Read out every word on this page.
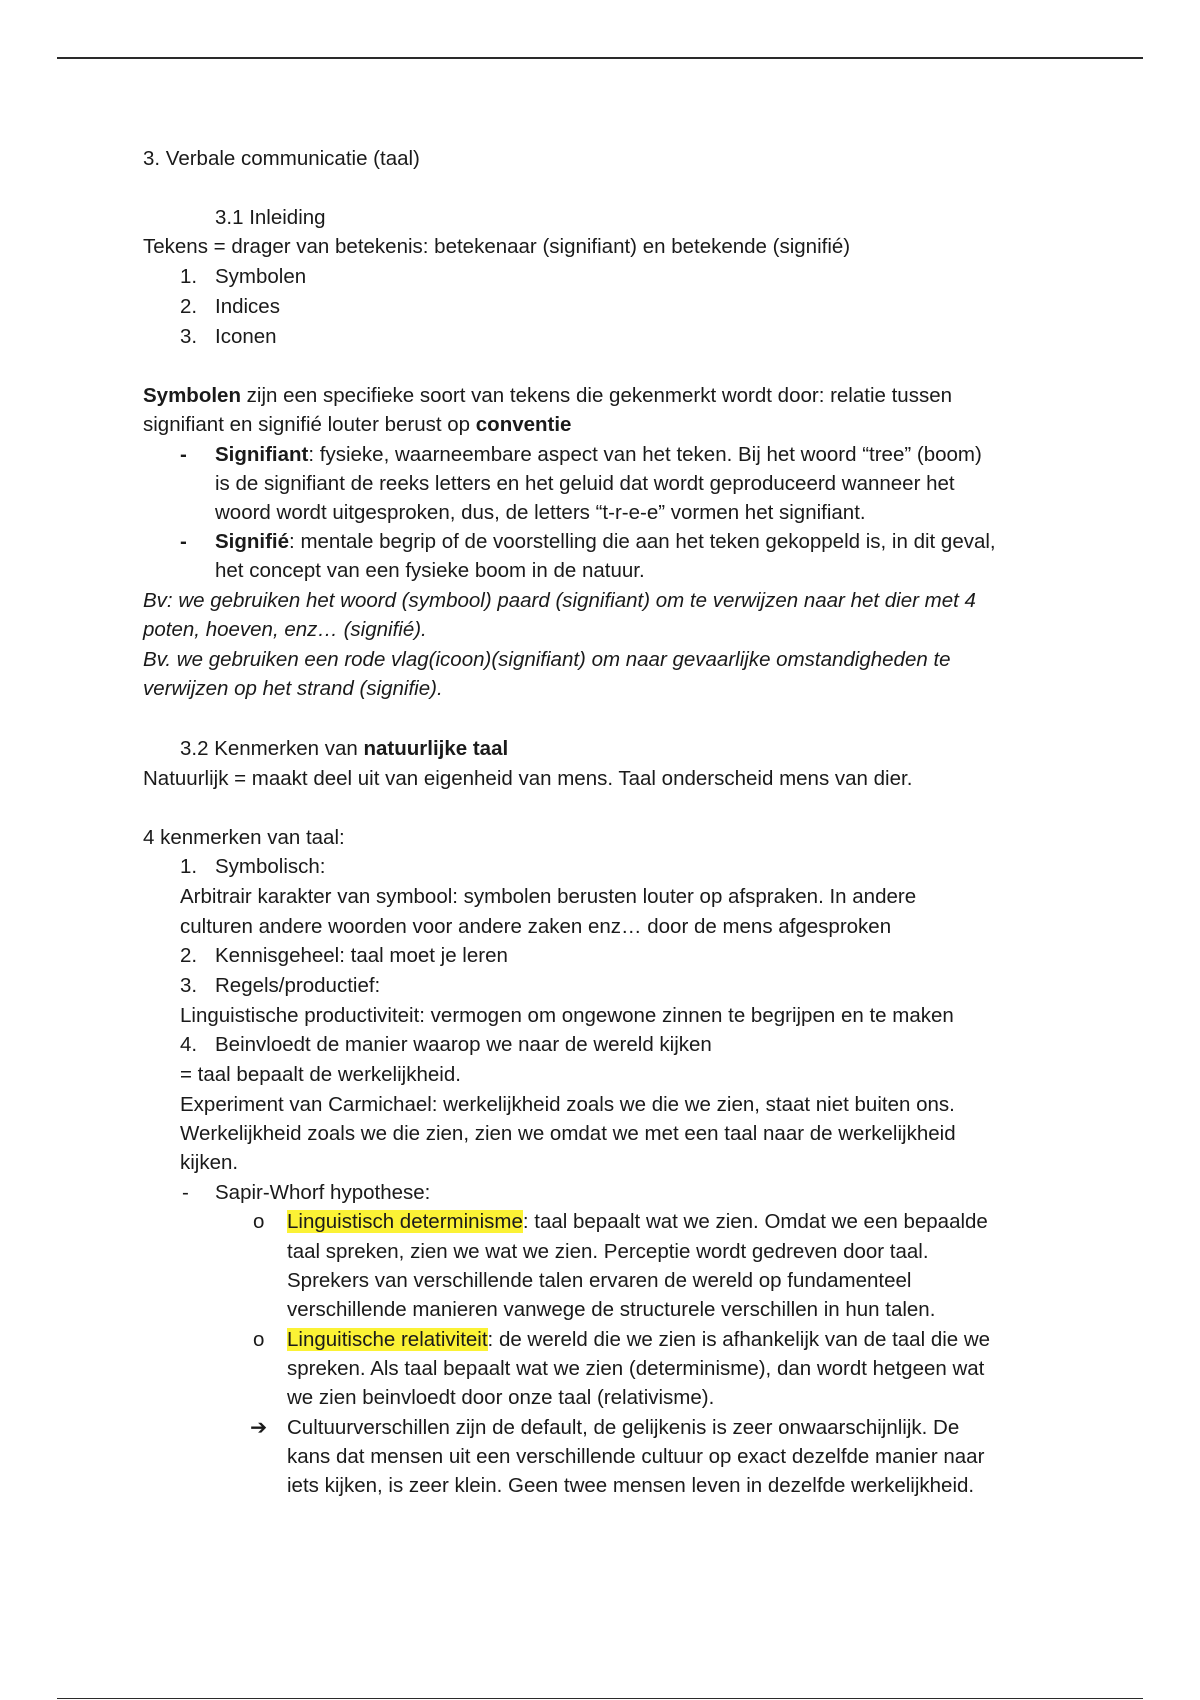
3. Verbale communicatie (taal)
3.1 Inleiding
Tekens = drager van betekenis: betekenaar (signifiant) en betekende (signifié)
1. Symbolen
2. Indices
3. Iconen
Symbolen zijn een specifieke soort van tekens die gekenmerkt wordt door: relatie tussen
signifiant en signifié louter berust op conventie
- Signifiant: fysieke, waarneembare aspect van het teken. Bij het woord “tree” (boom)
is de signifiant de reeks letters en het geluid dat wordt geproduceerd wanneer het
woord wordt uitgesproken, dus, de letters “t-r-e-e” vormen het signifiant.
- Signifié: mentale begrip of de voorstelling die aan het teken gekoppeld is, in dit geval,
het concept van een fysieke boom in de natuur.
Bv: we gebruiken het woord (symbool) paard (signifiant) om te verwijzen naar het dier met 4
poten, hoeven, enz… (signifié).
Bv. we gebruiken een rode vlag(icoon)(signifiant) om naar gevaarlijke omstandigheden te
verwijzen op het strand (signifie).
3.2 Kenmerken van natuurlijke taal
Natuurlijk = maakt deel uit van eigenheid van mens. Taal onderscheid mens van dier.
4 kenmerken van taal:
1. Symbolisch:
Arbitrair karakter van symbool: symbolen berusten louter op afspraken. In andere
culturen andere woorden voor andere zaken enz… door de mens afgesproken
2. Kennisgeheel: taal moet je leren
3. Regels/productief:
Linguistische productiviteit: vermogen om ongewone zinnen te begrijpen en te maken
4. Beinvloedt de manier waarop we naar de wereld kijken
= taal bepaalt de werkelijkheid.
Experiment van Carmichael: werkelijkheid zoals we die we zien, staat niet buiten ons.
Werkelijkheid zoals we die zien, zien we omdat we met een taal naar de werkelijkheid
kijken.
- Sapir-Whorf hypothese:
o Linguistisch determinisme: taal bepaalt wat we zien. Omdat we een bepaalde
taal spreken, zien we wat we zien. Perceptie wordt gedreven door taal.
Sprekers van verschillende talen ervaren de wereld op fundamenteel
verschillende manieren vanwege de structurele verschillen in hun talen.
o Linguitische relativiteit: de wereld die we zien is afhankelijk van de taal die we
spreken. Als taal bepaalt wat we zien (determinisme), dan wordt hetgeen wat
we zien beinvloedt door onze taal (relativisme).
➔ Cultuurverschillen zijn de default, de gelijkenis is zeer onwaarschijnlijk. De
kans dat mensen uit een verschillende cultuur op exact dezelfde manier naar
iets kijken, is zeer klein. Geen twee mensen leven in dezelfde werkelijkheid.
